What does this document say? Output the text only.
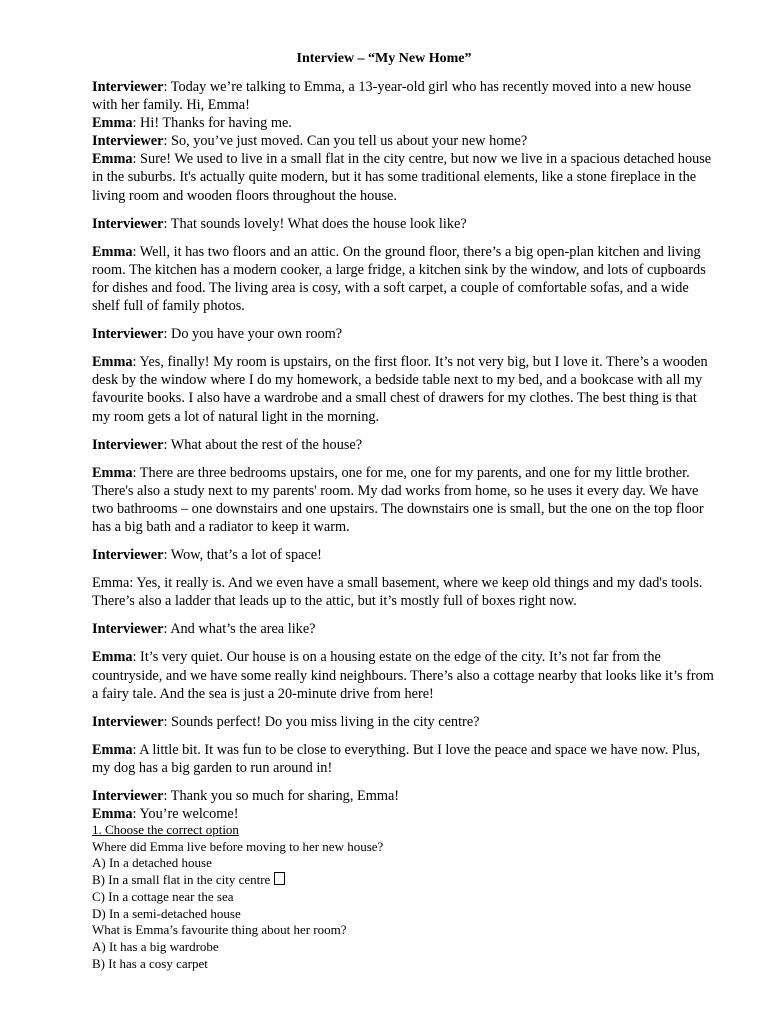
Interview – “My New Home”

Interviewer: Today we’re talking to Emma, a 13-year-old girl who has recently moved into a new house with her family. Hi, Emma!

Emma: Hi! Thanks for having me.

Interviewer: So, you’ve just moved. Can you tell us about your new home?

Emma: Sure! We used to live in a small flat in the city centre, but now we live in a spacious detached house in the suburbs. It's actually quite modern, but it has some traditional elements, like a stone fireplace in the living room and wooden floors throughout the house.

Interviewer: That sounds lovely! What does the house look like?

Emma: Well, it has two floors and an attic. On the ground floor, there’s a big open-plan kitchen and living room. The kitchen has a modern cooker, a large fridge, a kitchen sink by the window, and lots of cupboards for dishes and food. The living area is cosy, with a soft carpet, a couple of comfortable sofas, and a wide shelf full of family photos.

Interviewer: Do you have your own room?

Emma: Yes, finally! My room is upstairs, on the first floor. It’s not very big, but I love it. There’s a wooden desk by the window where I do my homework, a bedside table next to my bed, and a bookcase with all my favourite books. I also have a wardrobe and a small chest of drawers for my clothes. The best thing is that my room gets a lot of natural light in the morning.

Interviewer: What about the rest of the house?

Emma: There are three bedrooms upstairs, one for me, one for my parents, and one for my little brother. There's also a study next to my parents' room. My dad works from home, so he uses it every day. We have two bathrooms – one downstairs and one upstairs. The downstairs one is small, but the one on the top floor has a big bath and a radiator to keep it warm.

Interviewer: Wow, that’s a lot of space!

Emma: Yes, it really is. And we even have a small basement, where we keep old things and my dad's tools. There’s also a ladder that leads up to the attic, but it’s mostly full of boxes right now.

Interviewer: And what’s the area like?

Emma: It’s very quiet. Our house is on a housing estate on the edge of the city. It’s not far from the countryside, and we have some really kind neighbours. There’s also a cottage nearby that looks like it’s from a fairy tale. And the sea is just a 20-minute drive from here!

Interviewer: Sounds perfect! Do you miss living in the city centre?

Emma: A little bit. It was fun to be close to everything. But I love the peace and space we have now. Plus, my dog has a big garden to run around in!

Interviewer: Thank you so much for sharing, Emma!

Emma: You’re welcome!

1. Choose the correct option
Where did Emma live before moving to her new house?
A) In a detached house
B) In a small flat in the city centre
C) In a cottage near the sea
D) In a semi-detached house
What is Emma’s favourite thing about her room?
A) It has a big wardrobe
B) It has a cosy carpet
